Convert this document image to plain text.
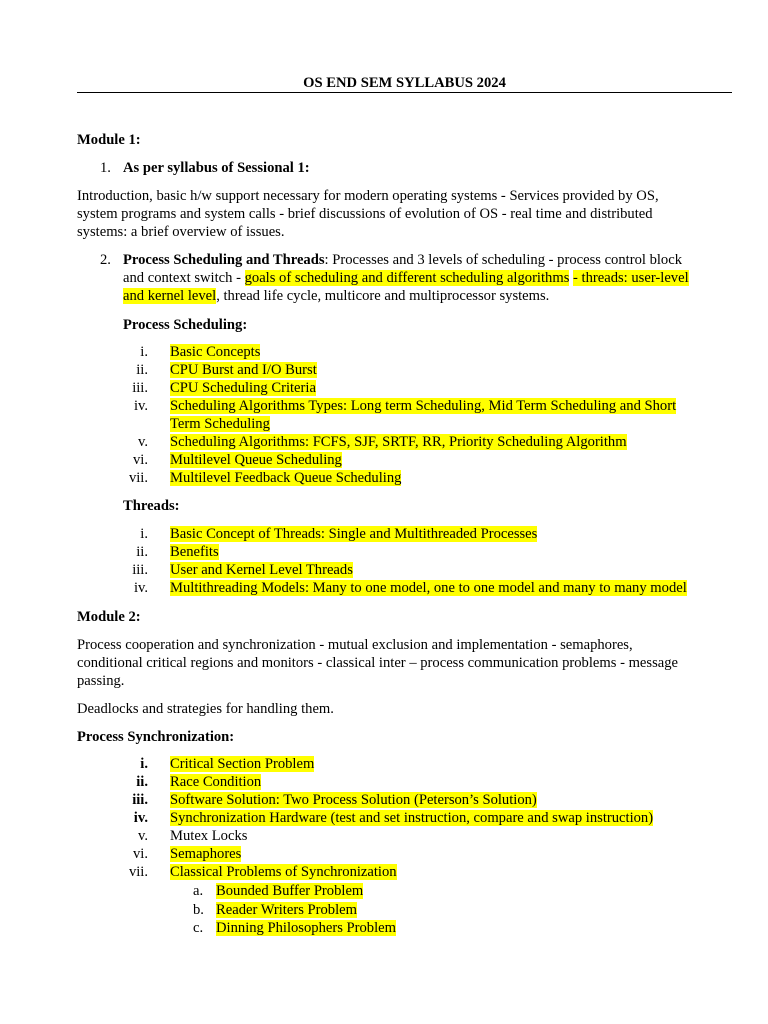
OS END SEM SYLLABUS 2024
Module 1:
1. As per syllabus of Sessional 1:
Introduction, basic h/w support necessary for modern operating systems - Services provided by OS,
system programs and system calls - brief discussions of evolution of OS - real time and distributed
systems: a brief overview of issues.
2. Process Scheduling and Threads: Processes and 3 levels of scheduling - process control block
and context switch - goals of scheduling and different scheduling algorithms - threads: user-level
and kernel level, thread life cycle, multicore and multiprocessor systems.
Process Scheduling:
i. Basic Concepts
ii. CPU Burst and I/O Burst
iii. CPU Scheduling Criteria
iv. Scheduling Algorithms Types: Long term Scheduling, Mid Term Scheduling and Short
Term Scheduling
v. Scheduling Algorithms: FCFS, SJF, SRTF, RR, Priority Scheduling Algorithm
vi. Multilevel Queue Scheduling
vii. Multilevel Feedback Queue Scheduling
Threads:
i. Basic Concept of Threads: Single and Multithreaded Processes
ii. Benefits
iii. User and Kernel Level Threads
iv. Multithreading Models: Many to one model, one to one model and many to many model
Module 2:
Process cooperation and synchronization - mutual exclusion and implementation - semaphores,
conditional critical regions and monitors - classical inter – process communication problems - message
passing.
Deadlocks and strategies for handling them.
Process Synchronization:
i. Critical Section Problem
ii. Race Condition
iii. Software Solution: Two Process Solution (Peterson’s Solution)
iv. Synchronization Hardware (test and set instruction, compare and swap instruction)
v. Mutex Locks
vi. Semaphores
vii. Classical Problems of Synchronization
a. Bounded Buffer Problem
b. Reader Writers Problem
c. Dinning Philosophers Problem
